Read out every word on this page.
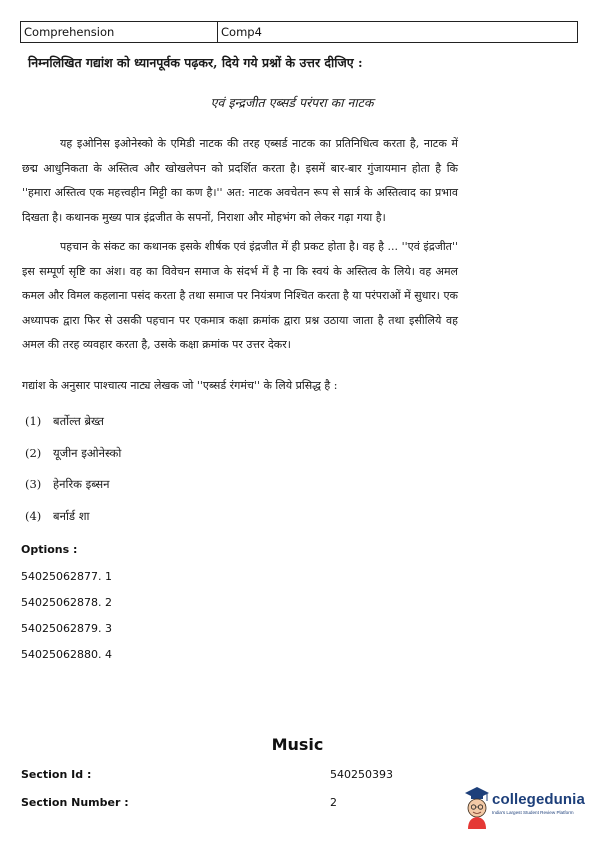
Comprehension	Comp4
निम्नलिखित गद्यांश को ध्यानपूर्वक पढ़कर, दिये गये प्रश्नों के उत्तर दीजिए :
एवं इन्द्रजीत एब्सर्ड परंपरा का नाटक
यह इओनिस इओनेस्को के एमिडी नाटक की तरह एब्सर्ड नाटक का प्रतिनिधित्व करता है, नाटक में छद्म आधुनिकता के अस्तित्व और खोखलेपन को प्रदर्शित करता है। इसमें बार-बार गुंजायमान होता है कि ''हमारा अस्तित्व एक महत्त्वहीन मिट्टी का कण है।'' अत: नाटक अवचेतन रूप से सार्त्र के अस्तित्वाद का प्रभाव दिखता है। कथानक मुख्य पात्र इंद्रजीत के सपनों, निराशा और मोहभंग को लेकर गढ़ा गया है।
पहचान के संकट का कथानक इसके शीर्षक एवं इंद्रजीत में ही प्रकट होता है। वह है ... ''एवं इंद्रजीत'' इस सम्पूर्ण सृष्टि का अंश। वह का विवेचन समाज के संदर्भ में है ना कि स्वयं के अस्तित्व के लिये। वह अमल कमल और विमल कहलाना पसंद करता है तथा समाज पर नियंत्रण निश्चित करता है या परंपराओं में सुधार। एक अध्यापक द्वारा फिर से उसकी पहचान पर एकमात्र कक्षा क्रमांक द्वारा प्रश्न उठाया जाता है तथा इसीलिये वह अमल की तरह व्यवहार करता है, उसके कक्षा क्रमांक पर उत्तर देकर।
गद्यांश के अनुसार पाश्चात्य नाट्य लेखक जो ''एब्सर्ड रंगमंच'' के लिये प्रसिद्ध है :
(1) बर्तोल्त ब्रेख्त
(2) यूजीन इओनेस्को
(3) हेनरिक इब्सन
(4) बर्नार्ड शा
Options :
54025062877. 1
54025062878. 2
54025062879. 3
54025062880. 4
Music
Section Id :	540250393
Section Number :	2	collegedunia
India's Largest Student Review Platform
